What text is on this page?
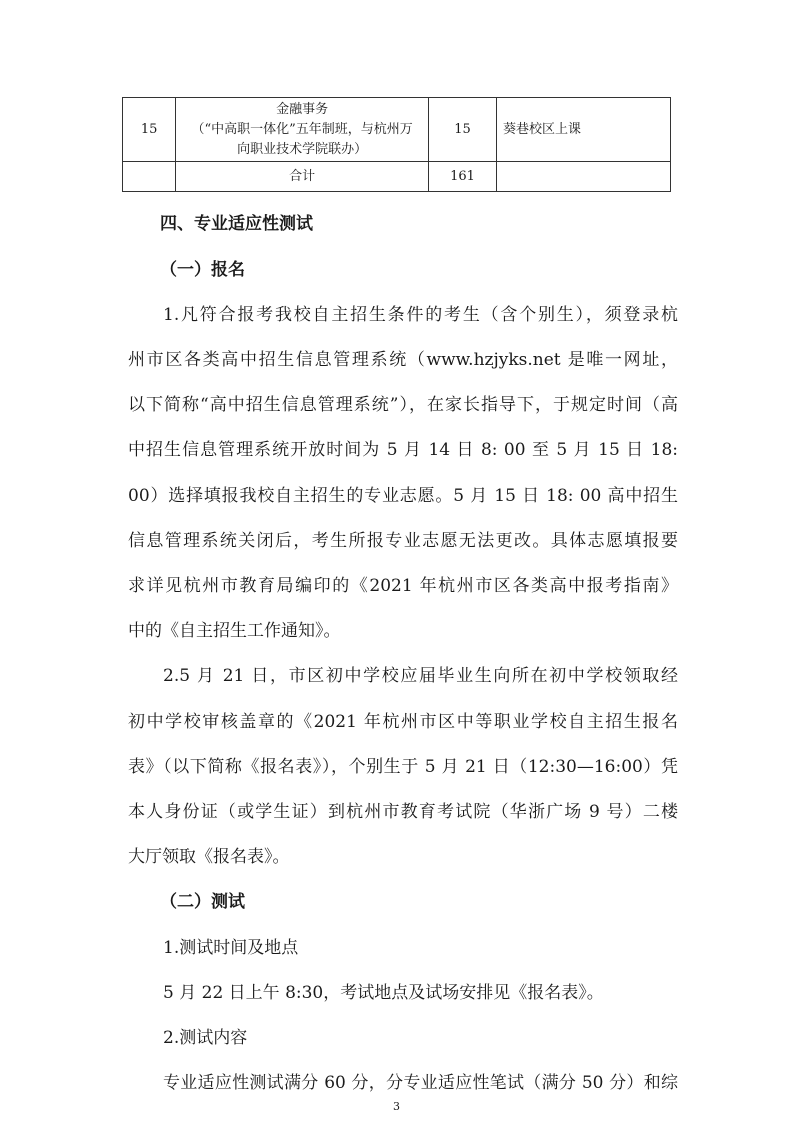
15	金融事务
（“中高职一体化”五年制班，与杭州万
向职业技术学院联办）	15	葵巷校区上课
	合计	161	
四、专业适应性测试
（一）报名
1.凡符合报考我校自主招生条件的考生（含个别生），须登录杭
州市区各类高中招生信息管理系统（www.hzjyks.net 是唯一网址，
以下简称“高中招生信息管理系统”），在家长指导下，于规定时间（高
中招生信息管理系统开放时间为 5 月 14 日 8: 00 至 5 月 15 日 18:
00）选择填报我校自主招生的专业志愿。5 月 15 日 18: 00 高中招生
信息管理系统关闭后，考生所报专业志愿无法更改。具体志愿填报要
求详见杭州市教育局编印的《2021 年杭州市区各类高中报考指南》
中的《自主招生工作通知》。
2.5 月 21 日，市区初中学校应届毕业生向所在初中学校领取经
初中学校审核盖章的《2021 年杭州市区中等职业学校自主招生报名
表》（以下简称《报名表》），个别生于 5 月 21 日（12:30—16:00）凭
本人身份证（或学生证）到杭州市教育考试院（华浙广场 9 号）二楼
大厅领取《报名表》。
（二）测试
1.测试时间及地点
5 月 22 日上午 8:30，考试地点及试场安排见《报名表》。
2.测试内容
专业适应性测试满分 60 分，分专业适应性笔试（满分 50 分）和综
3
